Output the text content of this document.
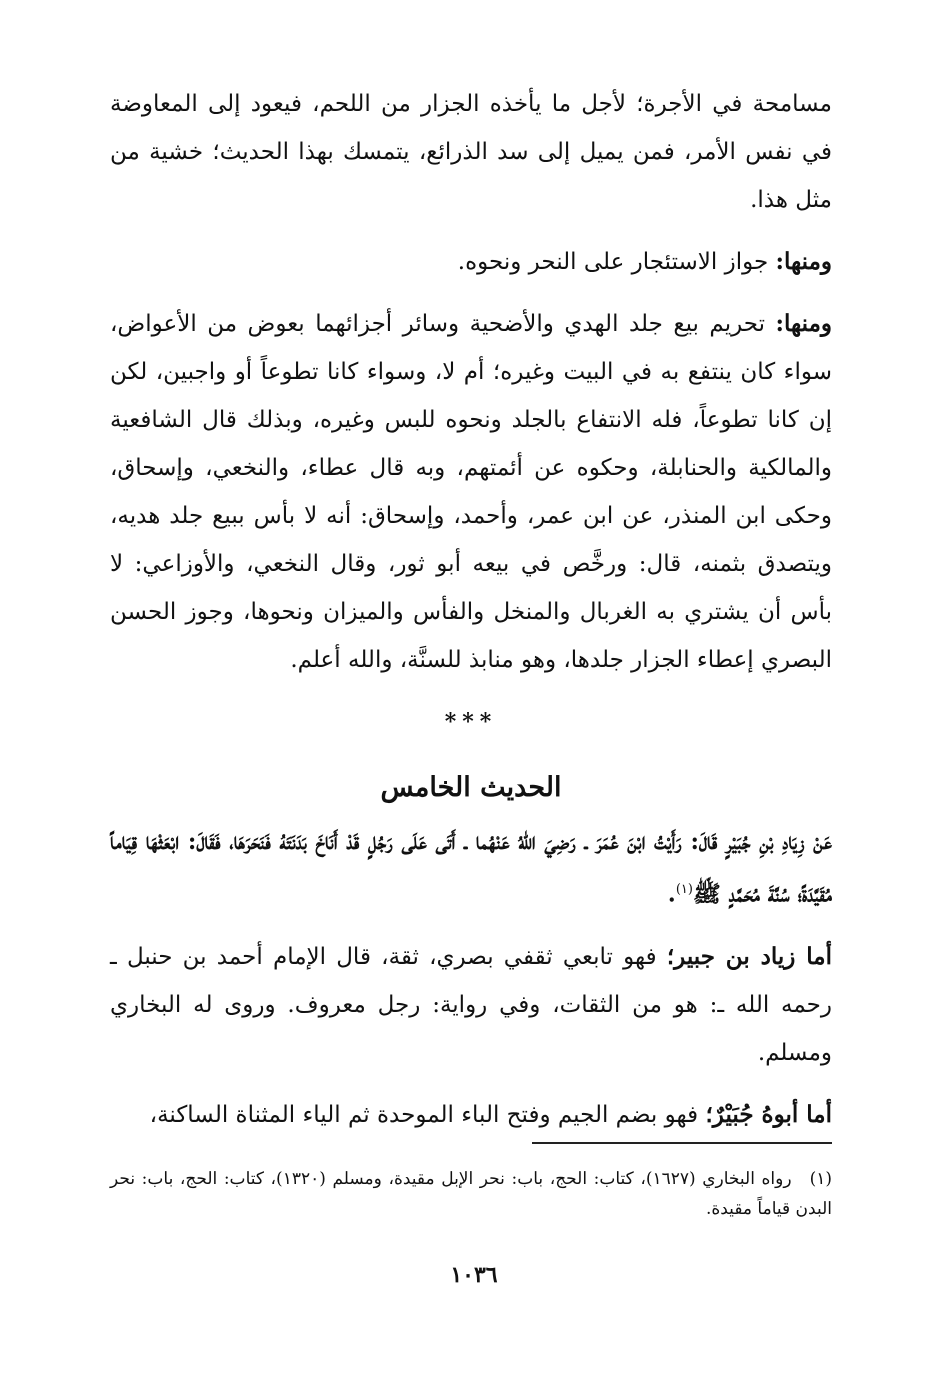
مسامحة في الأجرة؛ لأجل ما يأخذه الجزار من اللحم، فيعود إلى المعاوضة في نفس الأمر، فمن يميل إلى سد الذرائع، يتمسك بهذا الحديث؛ خشية من مثل هذا.

ومنها: جواز الاستئجار على النحر ونحوه.

ومنها: تحريم بيع جلد الهدي والأضحية وسائر أجزائهما بعوض من الأعواض، سواء كان ينتفع به في البيت وغيره؛ أم لا، وسواء كانا تطوعاً أو واجبين، لكن إن كانا تطوعاً، فله الانتفاع بالجلد ونحوه للبس وغيره، وبذلك قال الشافعية والمالكية والحنابلة، وحكوه عن أئمتهم، وبه قال عطاء، والنخعي، وإسحاق، وحكى ابن المنذر، عن ابن عمر، وأحمد، وإسحاق: أنه لا بأس ببيع جلد هديه، ويتصدق بثمنه، قال: ورخَّص في بيعه أبو ثور، وقال النخعي، والأوزاعي: لا بأس أن يشتري به الغربال والمنخل والفأس والميزان ونحوها، وجوز الحسن البصري إعطاء الجزار جلدها، وهو منابذ للسنَّة، والله أعلم.

***
الحديث الخامس

عَنْ زِيَادِ بْنِ جُبَيْرٍ قَالَ: رَأَيْتُ ابْنَ عُمَرَ ـ رَضِيَ اللهُ عَنْهُما ـ أَتَى عَلَى رَجُلٍ قَدْ أَنَاخَ بَدَنَتَهُ فَنَحَرَهَا، فَقَالَ: ابْعَثْهَا قِيَاماً مُقَيَّدَةً؛ سُنَّةَ مُحَمَّدٍ ﷺ$^{(١)}$.

أما زياد بن جبير؛ فهو تابعي ثقفي بصري، ثقة، قال الإمام أحمد بن حنبل ـ رحمه الله ـ: هو من الثقات، وفي رواية: رجل معروف. وروى له البخاري ومسلم.

أما أبوهُ جُبَيْرٌ؛ فهو بضم الجيم وفتح الباء الموحدة ثم الياء المثناة الساكنة،

(١)رواه البخاري (١٦٢٧)، كتاب: الحج، باب: نحر الإبل مقيدة، ومسلم (١٣٢٠)، كتاب: الحج، باب: نحر البدن قياماً مقيدة.
١٠٣٦
